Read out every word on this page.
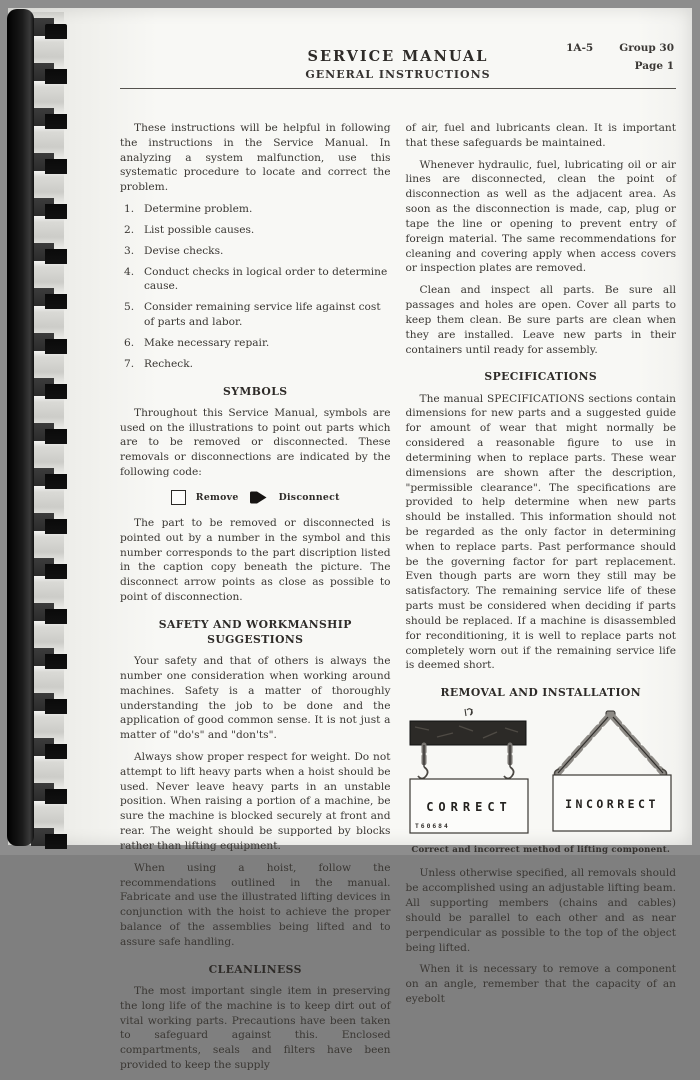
1A-5 Group 30
Page 1
SERVICE MANUAL
GENERAL INSTRUCTIONS

These instructions will be helpful in following the instructions in the Service Manual. In analyzing a system malfunction, use this systematic procedure to locate and correct the problem.

1. Determine problem.
2. List possible causes.
3. Devise checks.
4. Conduct checks in logical order to determine cause.
5. Consider remaining service life against cost of parts and labor.
6. Make necessary repair.
7. Recheck.
SYMBOLS

Throughout this Service Manual, symbols are used on the illustrations to point out parts which are to be removed or disconnected. These removals or disconnections are indicated by the following code:

Remove	Disconnect

The part to be removed or disconnected is pointed out by a number in the symbol and this number corresponds to the part discription listed in the caption copy beneath the picture. The disconnect arrow points as close as possible to point of disconnection.

SAFETY AND WORKMANSHIP SUGGESTIONS

Your safety and that of others is always the number one consideration when working around machines. Safety is a matter of thoroughly understanding the job to be done and the application of good common sense. It is not just a matter of "do's" and "don'ts".

Always show proper respect for weight. Do not attempt to lift heavy parts when a hoist should be used. Never leave heavy parts in an unstable position. When raising a portion of a machine, be sure the machine is blocked securely at front and rear. The weight should be supported by blocks rather than lifting equipment.

When using a hoist, follow the recommendations outlined in the manual. Fabricate and use the illustrated lifting devices in conjunction with the hoist to achieve the proper balance of the assemblies being lifted and to assure safe handling.

CLEANLINESS

The most important single item in preserving the long life of the machine is to keep dirt out of vital working parts. Precautions have been taken to safeguard against this. Enclosed compartments, seals and filters have been provided to keep the supply

of air, fuel and lubricants clean. It is important that these safeguards be maintained.

Whenever hydraulic, fuel, lubricating oil or air lines are disconnected, clean the point of disconnection as well as the adjacent area. As soon as the disconnection is made, cap, plug or tape the line or opening to prevent entry of foreign material. The same recommendations for cleaning and covering apply when access covers or inspection plates are removed.

Clean and inspect all parts. Be sure all passages and holes are open. Cover all parts to keep them clean. Be sure parts are clean when they are installed. Leave new parts in their containers until ready for assembly.

SPECIFICATIONS

The manual SPECIFICATIONS sections contain dimensions for new parts and a suggested guide for amount of wear that might normally be considered a reasonable figure to use in determining when to replace parts. These wear dimensions are shown after the description, "permissible clearance". The specifications are provided to help determine when new parts should be installed. This information should not be regarded as the only factor in determining when to replace parts. Past performance should be the governing factor for part replacement. Even though parts are worn they still may be satisfactory. The remaining service life of these parts must be considered when deciding if parts should be replaced. If a machine is disassembled for reconditioning, it is well to replace parts not completely worn out if the remaining service life is deemed short.

REMOVAL AND INSTALLATION
CORRECT
T60684
INCORRECT
Correct and incorrect method of lifting component.

Unless otherwise specified, all removals should be accomplished using an adjustable lifting beam. All supporting members (chains and cables) should be parallel to each other and as near perpendicular as possible to the top of the object being lifted.

When it is necessary to remove a component on an angle, remember that the capacity of an eyebolt
